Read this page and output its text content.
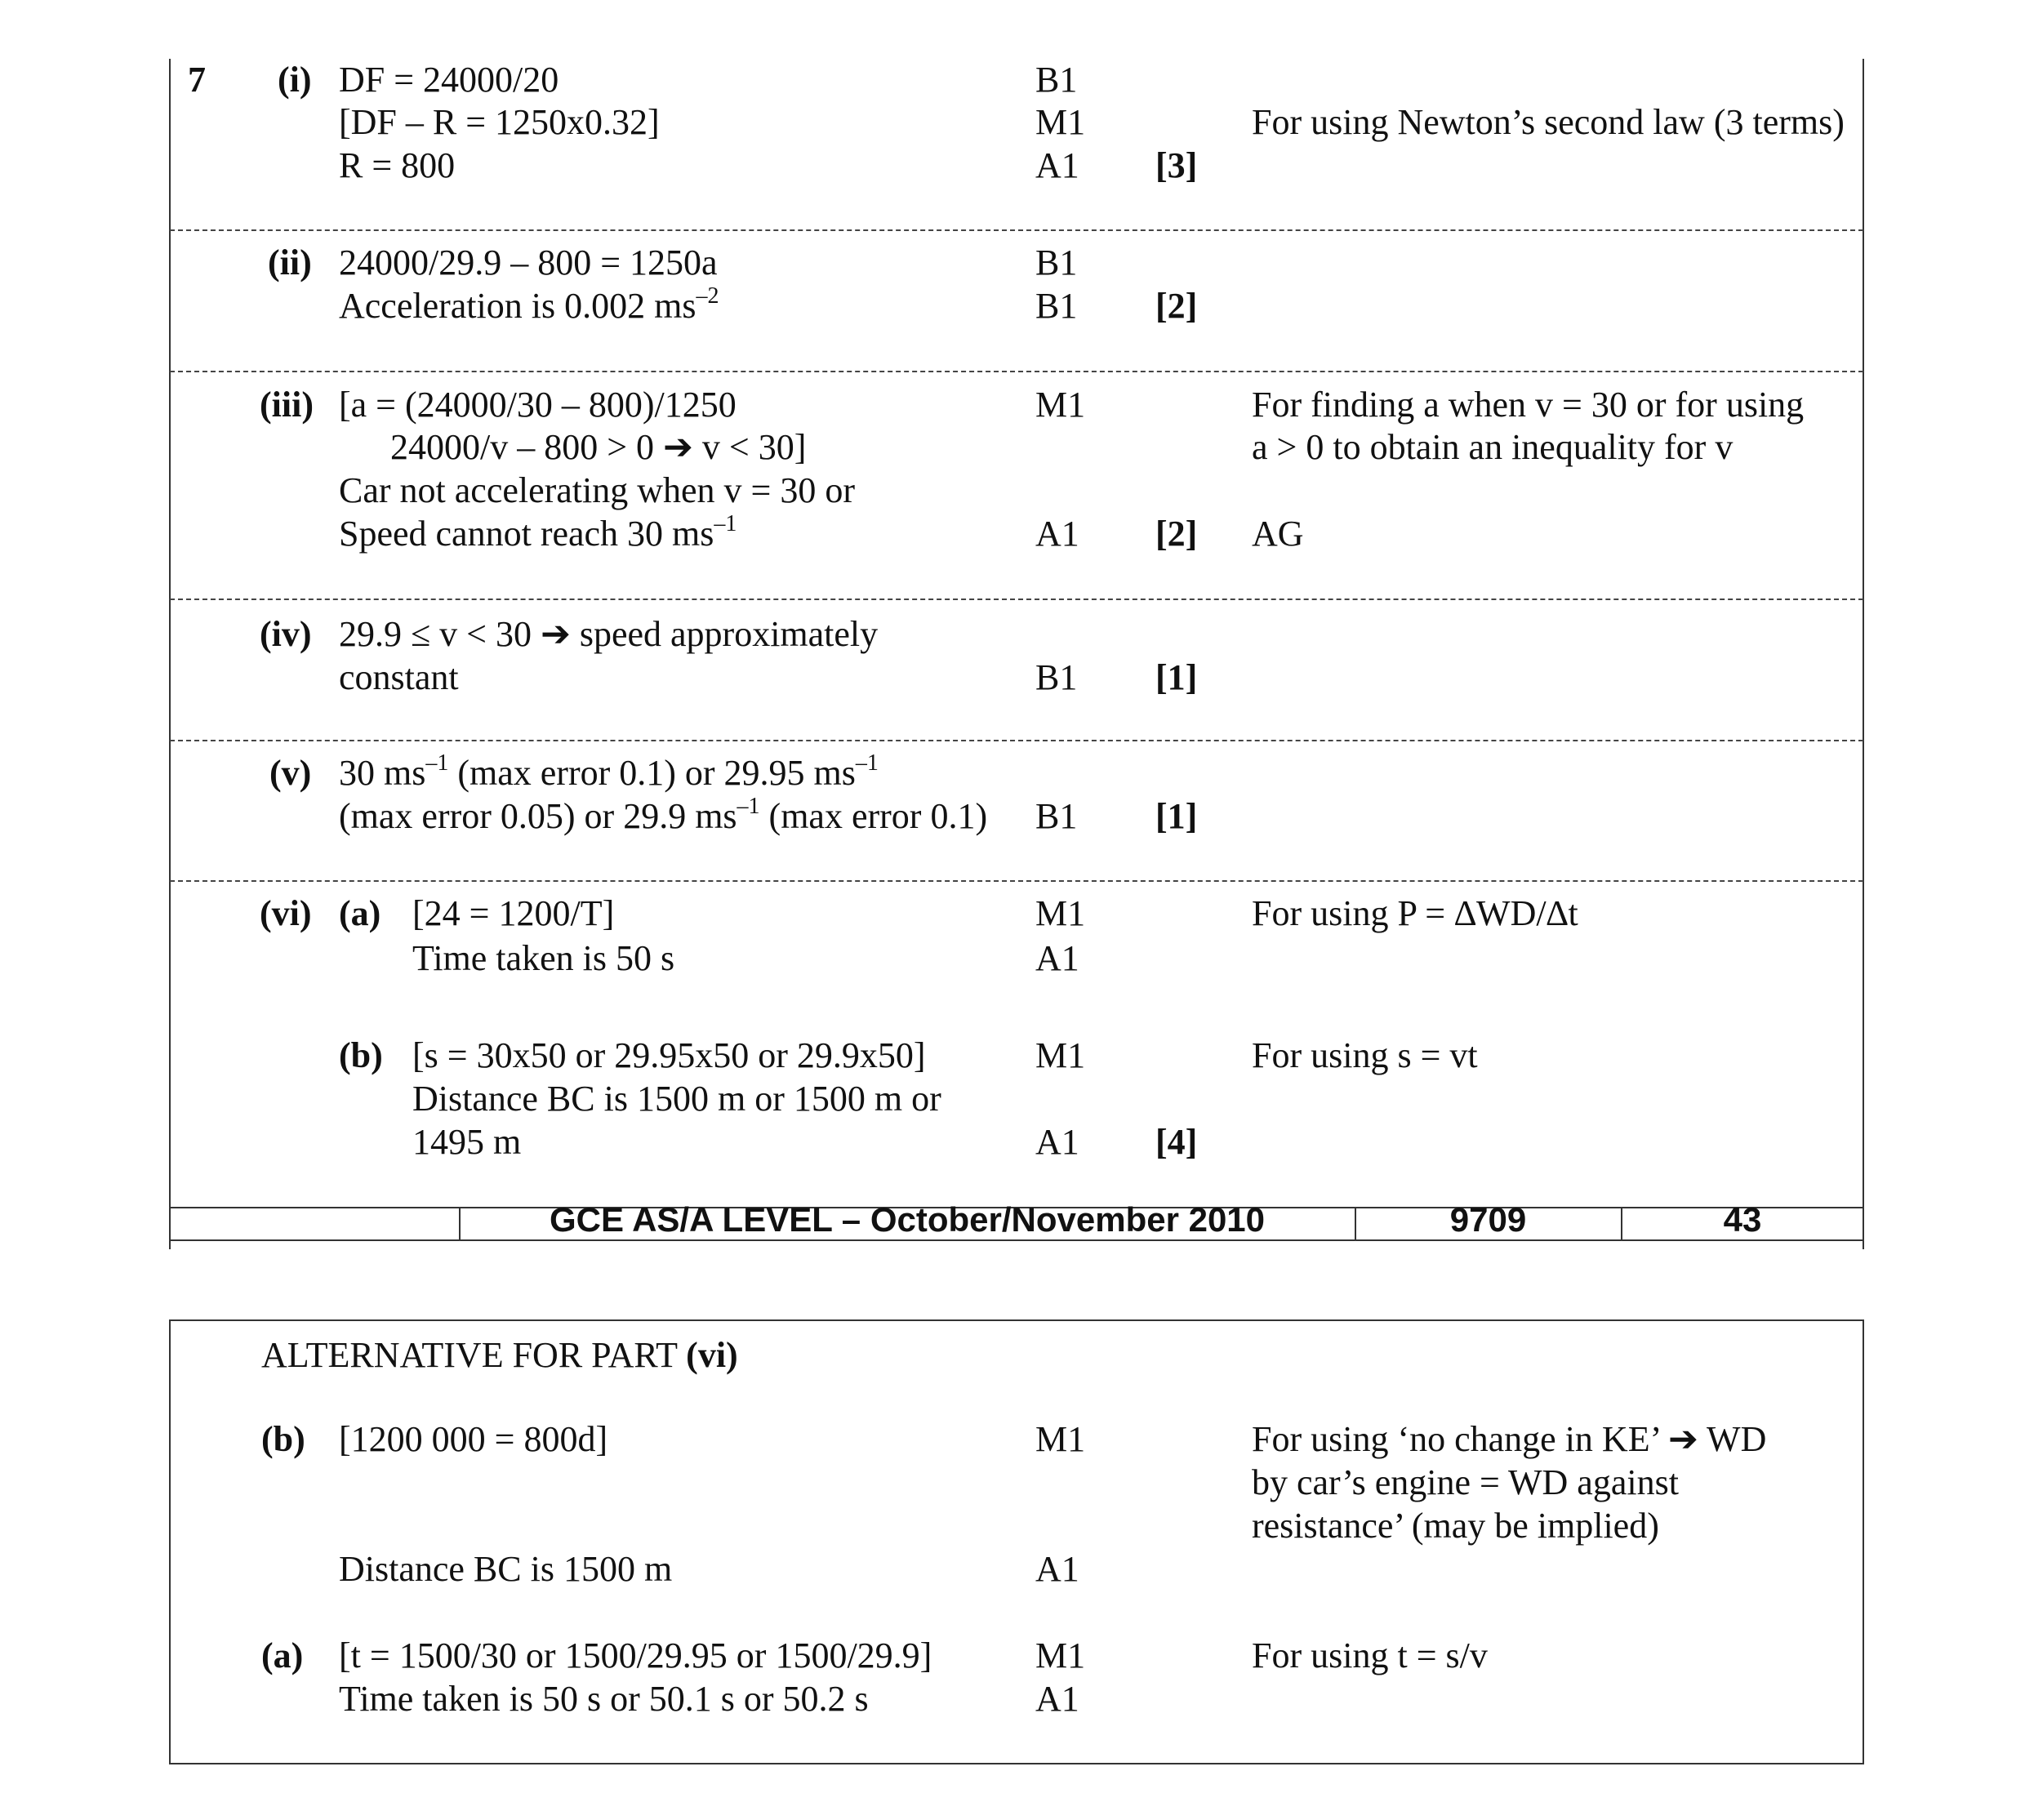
7 (i) DF = 24000/20	B1
[DF – R = 1250x0.32]	M1	For using Newton’s second law (3 terms)
R = 800	A1 [3]
(ii) 24000/29.9 – 800 = 1250a	B1
Acceleration is 0.002 $ms^{-2}$	B1 [2]
(iii) [a = (24000/30 – 800)/1250	M1	For finding a when v = 30 or for using
24000/v – 800 > 0 ➔ v < 30]	a > 0 to obtain an inequality for v
Car not accelerating when v = 30 or
Speed cannot reach 30 $ms^{-1}$	A1 [2] AG
(iv) 29.9 ≤ v < 30 ➔ speed approximately
constant	B1 [1]
(v) 30 $ms^{-1}$ (max error 0.1) or 29.95 $ms^{-1}$
(max error 0.05) or 29.9 $ms^{-1}$ (max error 0.1) B1 [1]
(vi) (a) [24 = 1200/T]	M1	For using P = ∆WD/∆t
Time taken is 50 s	A1
(b) [s = 30x50 or 29.95x50 or 29.9x50]	M1	For using s = vt
Distance BC is 1500 m or 1500 m or
1495 m	A1 [4]
GCE AS/A LEVEL – October/November 2010	9709	43
ALTERNATIVE FOR PART (vi)
(b) [1200 000 = 800d]	M1	For using ‘no change in KE’ ➔ WD
by car’s engine = WD against
resistance’ (may be implied)
Distance BC is 1500 m	A1
(a) [t = 1500/30 or 1500/29.95 or 1500/29.9]	M1	For using t = s/v
Time taken is 50 s or 50.1 s or 50.2 s	A1
